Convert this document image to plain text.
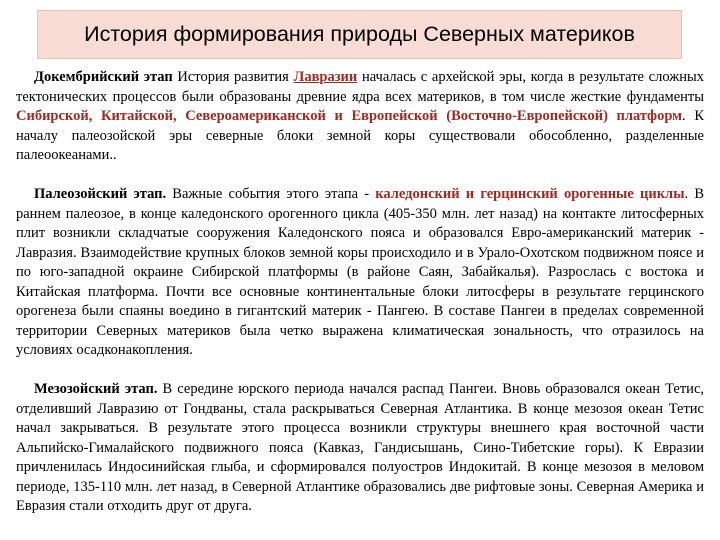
История формирования природы Северных материков

Докембрийский этап История развития Лавразии началась с архейской эры, когда в результате сложных тектонических процессов были образованы древние ядра всех материков, в том числе жесткие фундаменты Сибирской, Китайской, Североамериканской и Европейской (Восточно-Европейской) платформ. К началу палеозойской эры северные блоки земной коры существовали обособленно, разделенные палеоокеанами..

Палеозойский этап. Важные события этого этапа - каледонский и герцинский орогенные циклы. В раннем палеозое, в конце каледонского орогенного цикла (405-350 млн. лет назад) на контакте литосферных плит возникли складчатые сооружения Каледонского пояса и образовался Евро-американский материк - Лавразия. Взаимодействие крупных блоков земной коры происходило и в Урало-Охотском подвижном поясе и по юго-западной окраине Сибирской платформы (в районе Саян, Забайкалья). Разрослась с востока и Китайская платформа. Почти все основные континентальные блоки литосферы в результате герцинского орогенеза были спаяны воедино в гигантский материк - Пангею. В составе Пангеи в пределах современной территории Северных материков была четко выражена климатическая зональность, что отразилось на условиях осадконакопления.

Мезозойский этап. В середине юрского периода начался распад Пангеи. Вновь образовался океан Тетис, отделивший Лавразию от Гондваны, стала раскрываться Северная Атлантика. В конце мезозоя океан Тетис начал закрываться. В результате этого процесса возникли структуры внешнего края восточной части Альпийско-Гималайского подвижного пояса (Кавказ, Гандисышань, Сино-Тибетские горы). К Евразии причленилась Индосинийская глыба, и сформировался полуостров Индокитай. В конце мезозоя в меловом периоде, 135-110 млн. лет назад, в Северной Атлантике образовались две рифтовые зоны. Северная Америка и Евразия стали отходить друг от друга.
